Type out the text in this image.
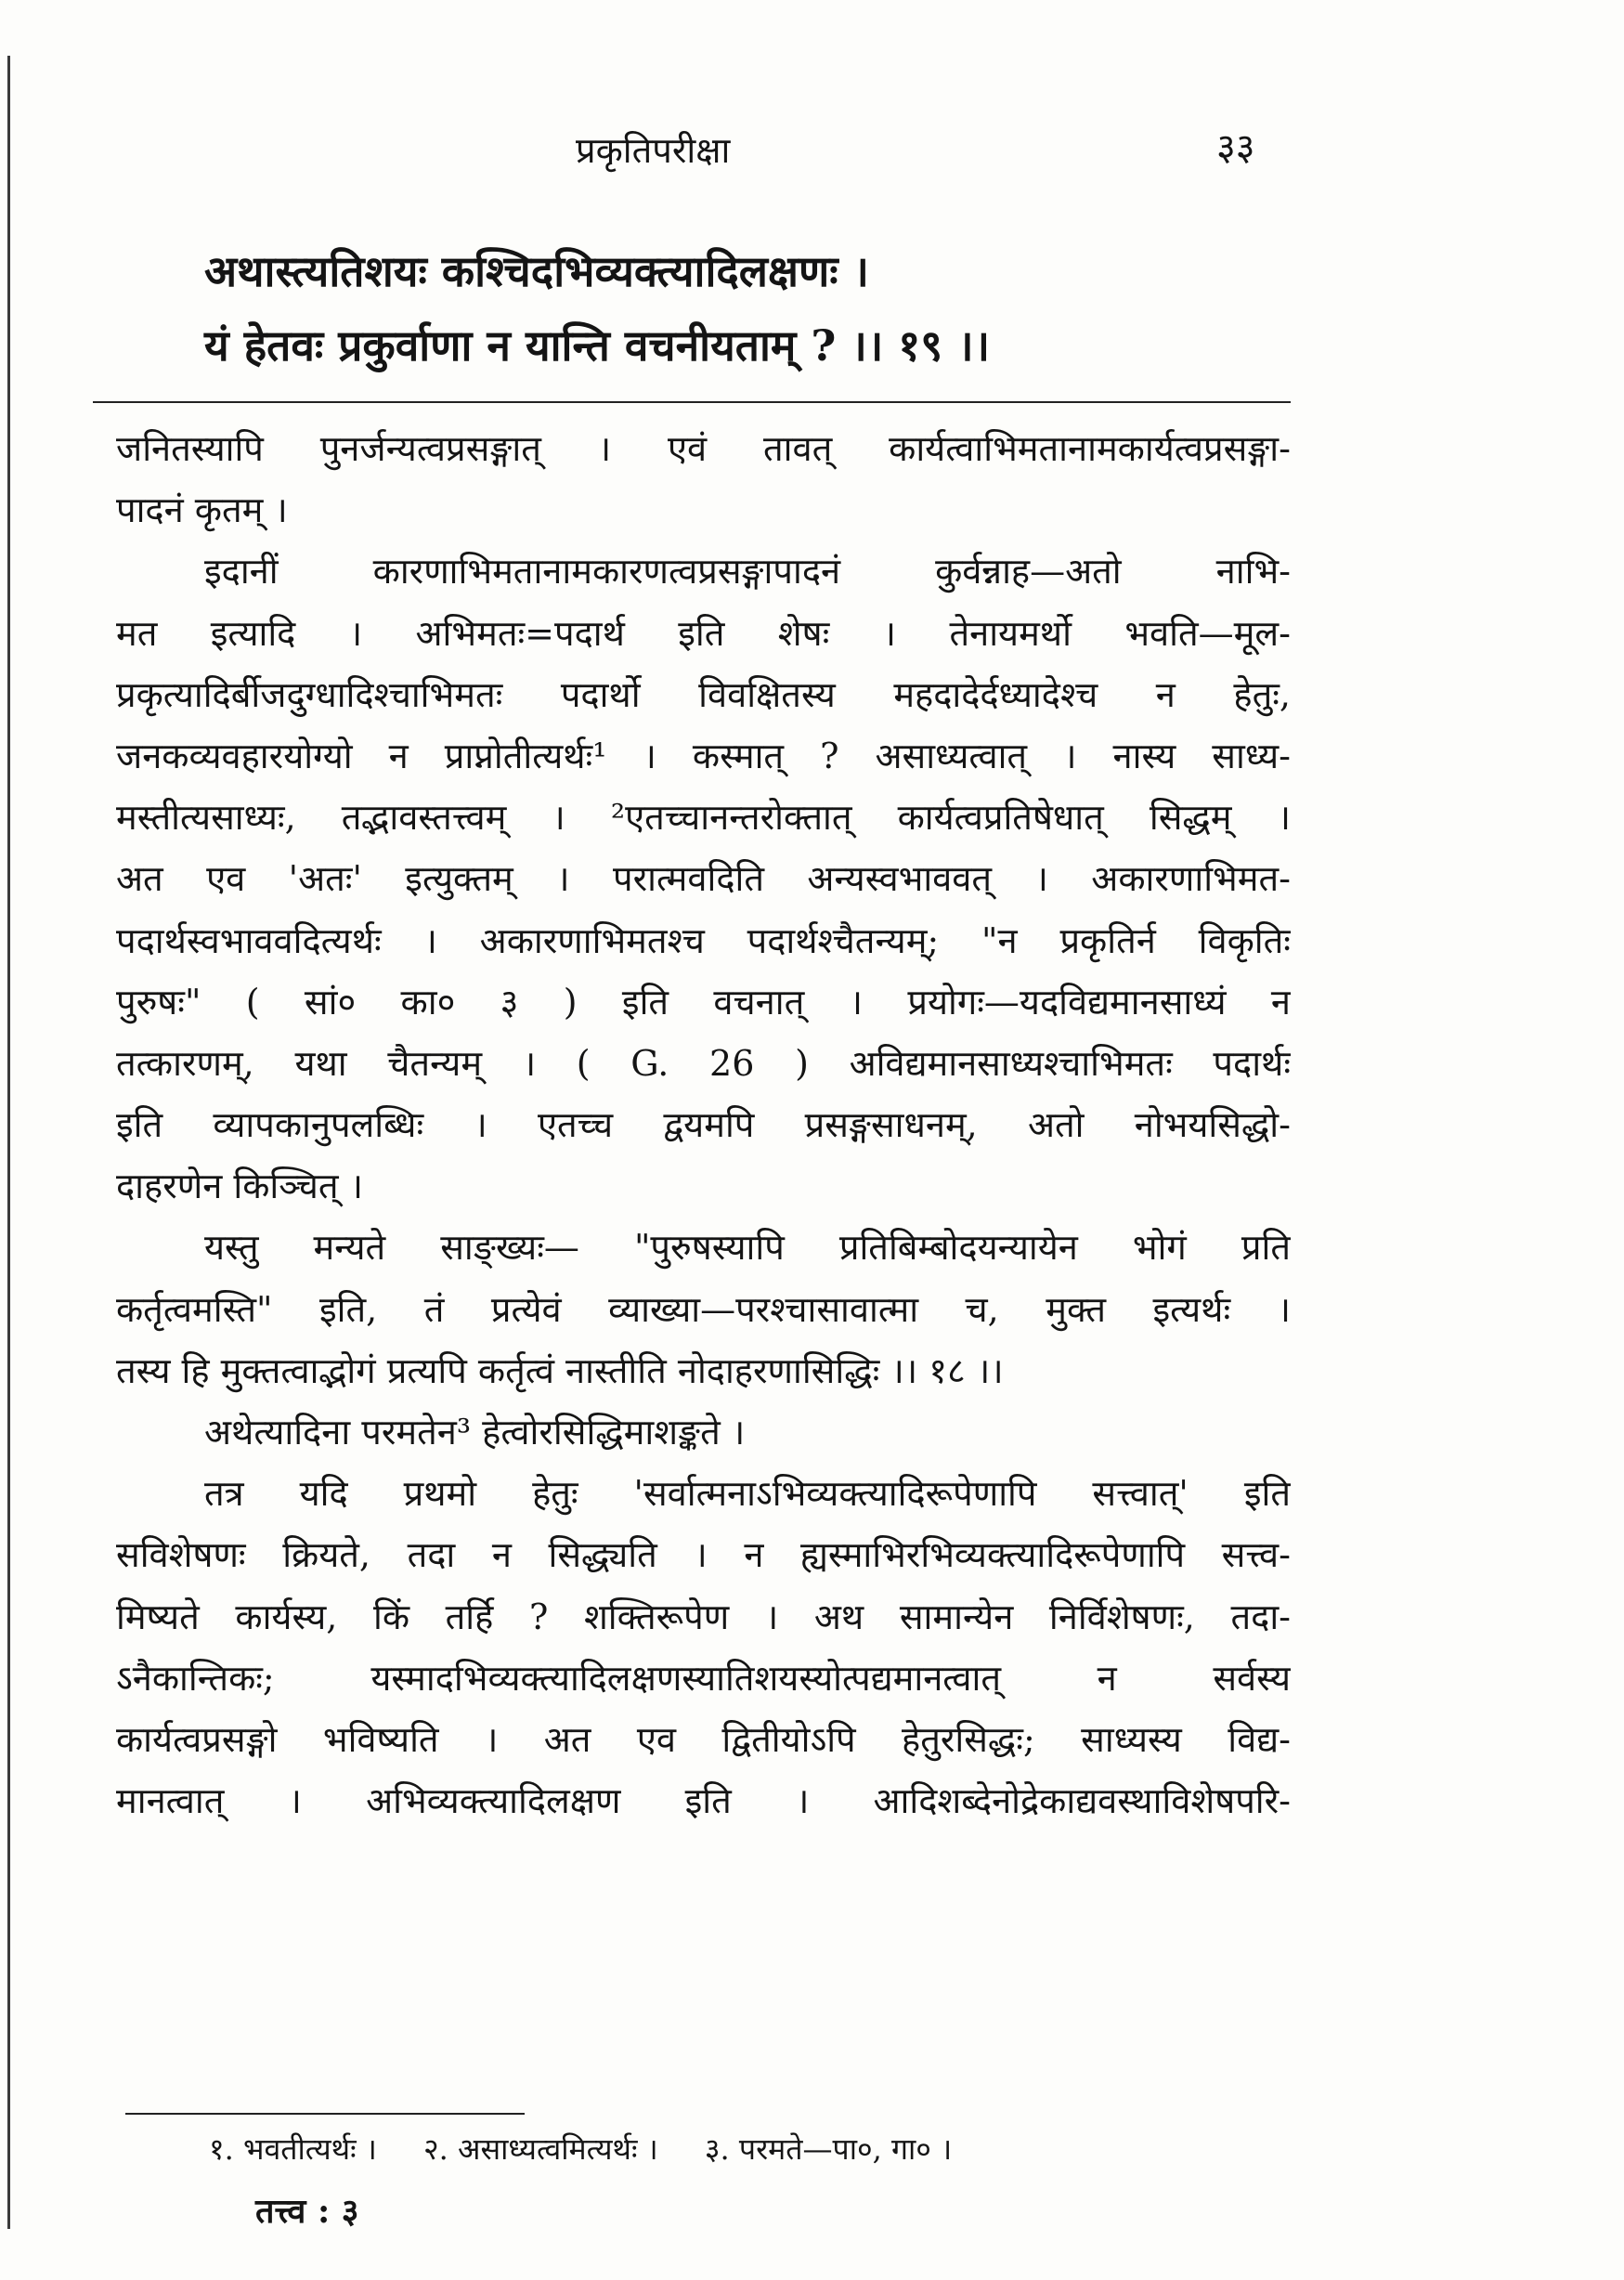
प्रकृतिपरीक्षा	३३
अथास्त्यतिशयः कश्चिदभिव्यक्त्यादिलक्षणः ।
यं हेतवः प्रकुर्वाणा न यान्ति वचनीयताम् ? ।। १९ ।।
जनितस्यापि पुनर्जन्यत्वप्रसङ्गात् । एवं तावत् कार्यत्वाभिमतानामकार्यत्वप्रसङ्गा-
पादनं कृतम् ।
इदानीं कारणाभिमतानामकारणत्वप्रसङ्गापादनं कुर्वन्नाह—अतो नाभि-
मत इत्यादि । अभिमतः=पदार्थ इति शेषः । तेनायमर्थो भवति—मूल-
प्रकृत्यादिर्बीजदुग्धादिश्चाभिमतः पदार्थो विवक्षितस्य महदादेर्दध्यादेश्च न हेतुः,
जनकव्यवहारयोग्यो न प्राप्नोतीत्यर्थः¹ । कस्मात् ? असाध्यत्वात् । नास्य साध्य-
मस्तीत्यसाध्यः, तद्भावस्तत्त्वम् । ²एतच्चानन्तरोक्तात् कार्यत्वप्रतिषेधात् सिद्धम् ।
अत एव 'अतः' इत्युक्तम् । परात्मवदिति अन्यस्वभाववत् । अकारणाभिमत-
पदार्थस्वभाववदित्यर्थः । अकारणाभिमतश्च पदार्थश्चैतन्यम्; "न प्रकृतिर्न विकृतिः
पुरुषः" ( सां० का० ३ ) इति वचनात् । प्रयोगः—यदविद्यमानसाध्यं न
तत्कारणम्, यथा चैतन्यम् । ( G. 26 ) अविद्यमानसाध्यश्चाभिमतः पदार्थः
इति व्यापकानुपलब्धिः । एतच्च द्वयमपि प्रसङ्गसाधनम्, अतो नोभयसिद्धो-
दाहरणेन किञ्चित् ।
यस्तु मन्यते साङ्ख्यः— "पुरुषस्यापि प्रतिबिम्बोदयन्यायेन भोगं प्रति
कर्तृत्वमस्ति" इति, तं प्रत्येवं व्याख्या—परश्चासावात्मा च, मुक्त इत्यर्थः ।
तस्य हि मुक्तत्वाद्भोगं प्रत्यपि कर्तृत्वं नास्तीति नोदाहरणासिद्धिः ।। १८ ।।
अथेत्यादिना परमतेन³ हेत्वोरसिद्धिमाशङ्कते ।
तत्र यदि प्रथमो हेतुः 'सर्वात्मनाऽभिव्यक्त्यादिरूपेणापि सत्त्वात्' इति
सविशेषणः क्रियते, तदा न सिद्ध्यति । न ह्यस्माभिरभिव्यक्त्यादिरूपेणापि सत्त्व-
मिष्यते कार्यस्य, किं तर्हि ? शक्तिरूपेण । अथ सामान्येन निर्विशेषणः, तदा-
ऽनैकान्तिकः; यस्मादभिव्यक्त्यादिलक्षणस्यातिशयस्योत्पद्यमानत्वात् न सर्वस्य
कार्यत्वप्रसङ्गो भविष्यति । अत एव द्वितीयोऽपि हेतुरसिद्धः; साध्यस्य विद्य-
मानत्वात् । अभिव्यक्त्यादिलक्षण इति । आदिशब्देनोद्रेकाद्यवस्थाविशेषपरि-
१. भवतीत्यर्थः । २. असाध्यत्वमित्यर्थः । ३. परमते—पा०, गा० ।
तत्त्व : ३
